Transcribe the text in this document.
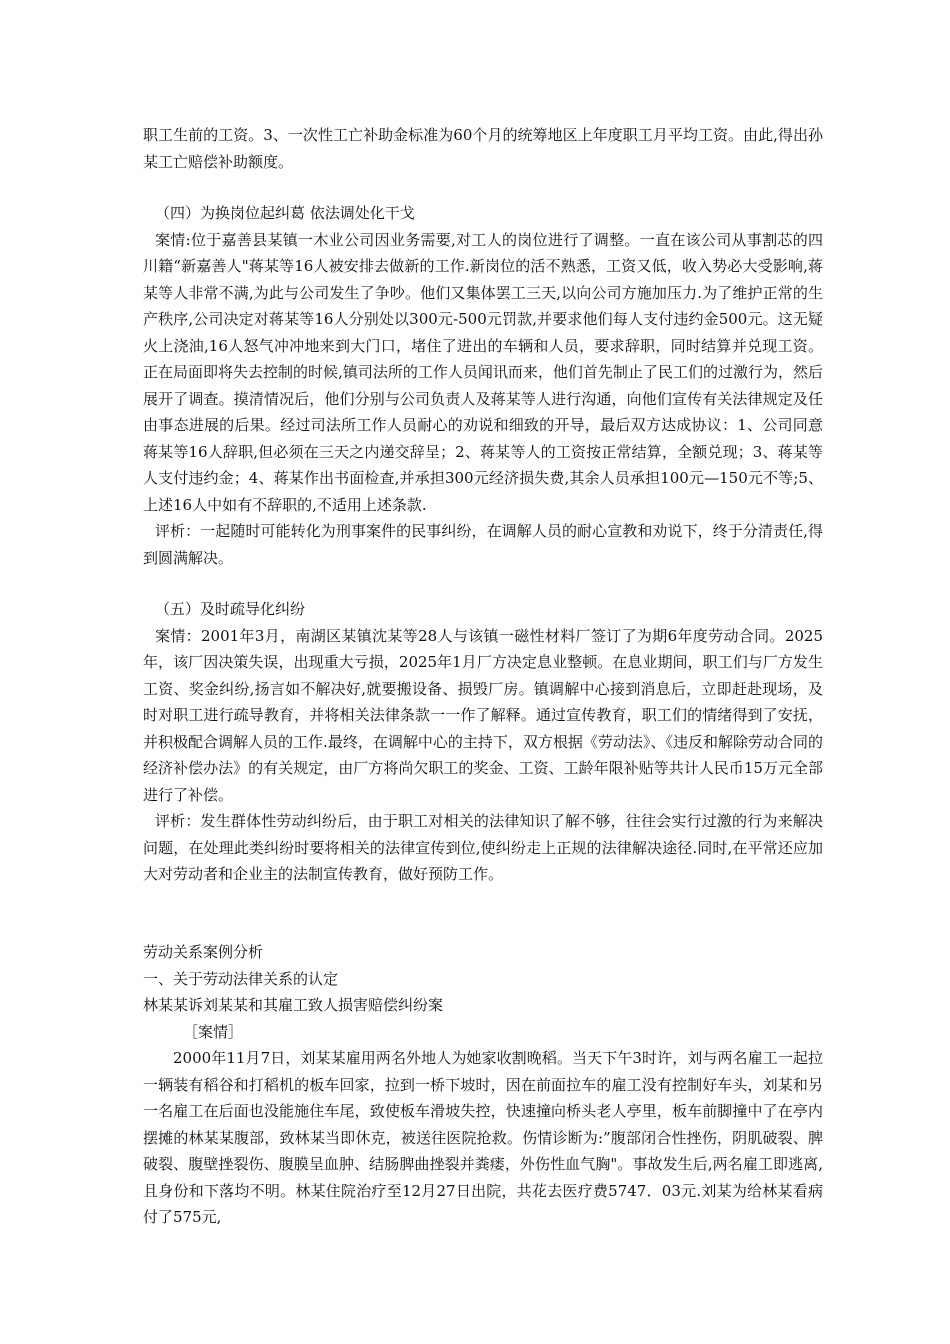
职工生前的工资。3、一次性工亡补助金标准为60个月的统筹地区上年度职工月平均工资。由此,得出孙某工亡赔偿补助额度。

（四）为换岗位起纠葛 依法调处化干戈

案情:位于嘉善县某镇一木业公司因业务需要,对工人的岗位进行了调整。一直在该公司从事割芯的四川籍“新嘉善人"蒋某等16人被安排去做新的工作.新岗位的活不熟悉，工资又低，收入势必大受影响,蒋某等人非常不满,为此与公司发生了争吵。他们又集体罢工三天,以向公司方施加压力.为了维护正常的生产秩序,公司决定对蒋某等16人分别处以300元-500元罚款,并要求他们每人支付违约金500元。这无疑火上浇油,16人怒气冲冲地来到大门口，堵住了进出的车辆和人员，要求辞职，同时结算并兑现工资。正在局面即将失去控制的时候,镇司法所的工作人员闻讯而来，他们首先制止了民工们的过激行为，然后展开了调查。摸清情况后，他们分别与公司负责人及蒋某等人进行沟通，向他们宣传有关法律规定及任由事态进展的后果。经过司法所工作人员耐心的劝说和细致的开导，最后双方达成协议：1、公司同意蒋某等16人辞职,但必须在三天之内递交辞呈；2、蒋某等人的工资按正常结算，全额兑现；3、蒋某等人支付违约金；4、蒋某作出书面检查,并承担300元经济损失费,其余人员承担100元—150元不等;5、上述16人中如有不辞职的,不适用上述条款.

评析：一起随时可能转化为刑事案件的民事纠纷，在调解人员的耐心宣教和劝说下，终于分清责任,得到圆满解决。

（五）及时疏导化纠纷

案情：2001年3月，南湖区某镇沈某等28人与该镇一磁性材料厂签订了为期6年度劳动合同。2025年，该厂因决策失误，出现重大亏损，2025年1月厂方决定息业整顿。在息业期间，职工们与厂方发生工资、奖金纠纷,扬言如不解决好,就要搬设备、损毁厂房。镇调解中心接到消息后，立即赶赴现场，及时对职工进行疏导教育，并将相关法律条款一一作了解释。通过宣传教育，职工们的情绪得到了安抚，并积极配合调解人员的工作.最终，在调解中心的主持下，双方根据《劳动法》、《违反和解除劳动合同的经济补偿办法》的有关规定，由厂方将尚欠职工的奖金、工资、工龄年限补贴等共计人民币15万元全部进行了补偿。

评析：发生群体性劳动纠纷后，由于职工对相关的法律知识了解不够，往往会实行过激的行为来解决问题，在处理此类纠纷时要将相关的法律宣传到位,使纠纷走上正规的法律解决途径.同时,在平常还应加大对劳动者和企业主的法制宣传教育，做好预防工作。

劳动关系案例分析

一、关于劳动法律关系的认定

林某某诉刘某某和其雇工致人损害赔偿纠纷案

［案情］

2000年11月7日，刘某某雇用两名外地人为她家收割晚稻。当天下午3时许，刘与两名雇工一起拉一辆装有稻谷和打稻机的板车回家，拉到一桥下坡时，因在前面拉车的雇工没有控制好车头，刘某和另一名雇工在后面也没能施住车尾，致使板车滑坡失控，快速撞向桥头老人亭里，板车前脚撞中了在亭内摆摊的林某某腹部，致林某当即休克，被送往医院抢救。伤情诊断为:”腹部闭合性挫伤，阴肌破裂、脾破裂、腹壁挫裂伤、腹膜呈血肿、结肠脾曲挫裂并粪瘘，外伤性血气胸"。事故发生后,两名雇工即逃离,且身份和下落均不明。林某住院治疗至12月27日出院，共花去医疗费5747．03元.刘某为给林某看病付了575元,
